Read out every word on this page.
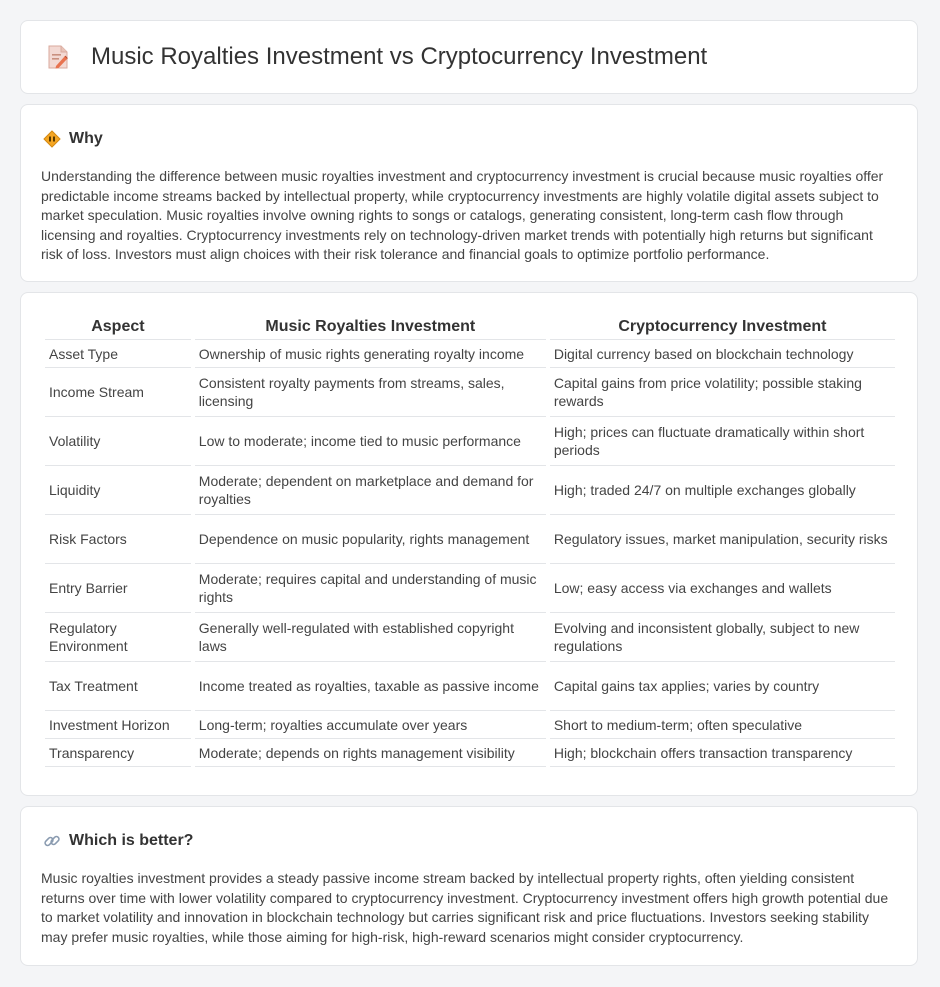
Music Royalties Investment vs Cryptocurrency Investment
Why
Understanding the difference between music royalties investment and cryptocurrency investment is crucial because music royalties offer predictable income streams backed by intellectual property, while cryptocurrency investments are highly volatile digital assets subject to market speculation. Music royalties involve owning rights to songs or catalogs, generating consistent, long-term cash flow through licensing and royalties. Cryptocurrency investments rely on technology-driven market trends with potentially high returns but significant risk of loss. Investors must align choices with their risk tolerance and financial goals to optimize portfolio performance.
Aspect	Music Royalties Investment	Cryptocurrency Investment
Asset Type	Ownership of music rights generating royalty income	Digital currency based on blockchain technology
Income Stream	Consistent royalty payments from streams, sales, licensing	Capital gains from price volatility; possible staking rewards
Volatility	Low to moderate; income tied to music performance	High; prices can fluctuate dramatically within short periods
Liquidity	Moderate; dependent on marketplace and demand for royalties	High; traded 24/7 on multiple exchanges globally
Risk Factors	Dependence on music popularity, rights management	Regulatory issues, market manipulation, security risks
Entry Barrier	Moderate; requires capital and understanding of music rights	Low; easy access via exchanges and wallets
Regulatory Environment	Generally well-regulated with established copyright laws	Evolving and inconsistent globally, subject to new regulations
Tax Treatment	Income treated as royalties, taxable as passive income	Capital gains tax applies; varies by country
Investment Horizon	Long-term; royalties accumulate over years	Short to medium-term; often speculative
Transparency	Moderate; depends on rights management visibility	High; blockchain offers transaction transparency
Which is better?
Music royalties investment provides a steady passive income stream backed by intellectual property rights, often yielding consistent returns over time with lower volatility compared to cryptocurrency investment. Cryptocurrency investment offers high growth potential due to market volatility and innovation in blockchain technology but carries significant risk and price fluctuations. Investors seeking stability may prefer music royalties, while those aiming for high-risk, high-reward scenarios might consider cryptocurrency.
